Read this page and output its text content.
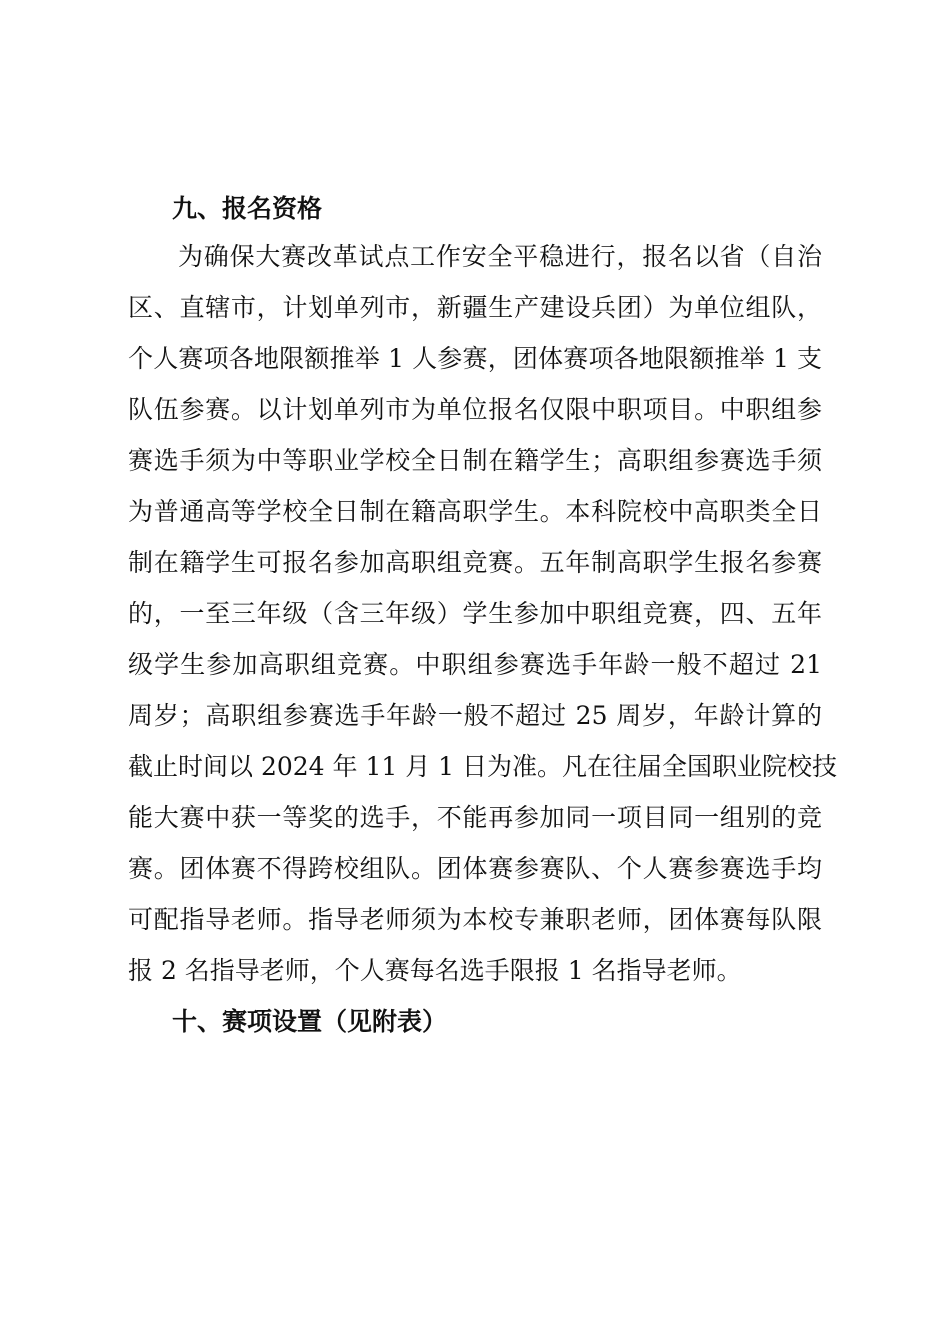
九、报名资格
为确保大赛改革试点工作安全平稳进行，报名以省（自治
区、直辖市，计划单列市，新疆生产建设兵团）为单位组队，
个人赛项各地限额推举 1 人参赛，团体赛项各地限额推举 1 支
队伍参赛。以计划单列市为单位报名仅限中职项目。中职组参
赛选手须为中等职业学校全日制在籍学生；高职组参赛选手须
为普通高等学校全日制在籍高职学生。本科院校中高职类全日
制在籍学生可报名参加高职组竞赛。五年制高职学生报名参赛
的，一至三年级（含三年级）学生参加中职组竞赛，四、五年
级学生参加高职组竞赛。中职组参赛选手年龄一般不超过 21
周岁；高职组参赛选手年龄一般不超过 25 周岁，年龄计算的
截止时间以 2024 年 11 月 1 日为准。凡在往届全国职业院校技
能大赛中获一等奖的选手，不能再参加同一项目同一组别的竞
赛。团体赛不得跨校组队。团体赛参赛队、个人赛参赛选手均
可配指导老师。指导老师须为本校专兼职老师，团体赛每队限
报 2 名指导老师，个人赛每名选手限报 1 名指导老师。
十、赛项设置（见附表）
